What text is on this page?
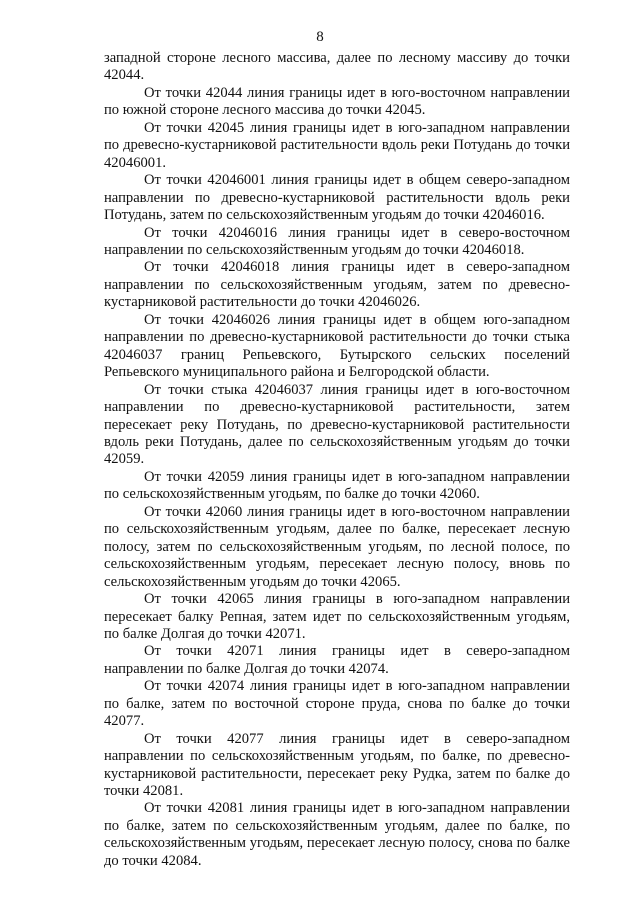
8

западной стороне лесного массива, далее по лесному массиву до точки 42044.

От точки 42044 линия границы идет в юго-восточном направлении по южной стороне лесного массива до точки 42045.

От точки 42045 линия границы идет в юго-западном направлении по древесно-кустарниковой растительности вдоль реки Потудань до точки 42046001.

От точки 42046001 линия границы идет в общем северо-западном направлении по древесно-кустарниковой растительности вдоль реки Потудань, затем по сельскохозяйственным угодьям до точки 42046016.

От точки 42046016 линия границы идет в северо-восточном направлении по сельскохозяйственным угодьям до точки 42046018.

От точки 42046018 линия границы идет в северо-западном направлении по сельскохозяйственным угодьям, затем по древесно-кустарниковой растительности до точки 42046026.

От точки 42046026 линия границы идет в общем юго-западном направлении по древесно-кустарниковой растительности до точки стыка 42046037 границ Репьевского, Бутырского сельских поселений Репьевского муниципального района и Белгородской области.

От точки стыка 42046037 линия границы идет в юго-восточном направлении по древесно-кустарниковой растительности, затем пересекает реку Потудань, по древесно-кустарниковой растительности вдоль реки Потудань, далее по сельскохозяйственным угодьям до точки 42059.

От точки 42059 линия границы идет в юго-западном направлении по сельскохозяйственным угодьям, по балке до точки 42060.

От точки 42060 линия границы идет в юго-восточном направлении по сельскохозяйственным угодьям, далее по балке, пересекает лесную полосу, затем по сельскохозяйственным угодьям, по лесной полосе, по сельскохозяйственным угодьям, пересекает лесную полосу, вновь по сельскохозяйственным угодьям до точки 42065.

От точки 42065 линия границы в юго-западном направлении пересекает балку Репная, затем идет по сельскохозяйственным угодьям, по балке Долгая до точки 42071.

От точки 42071 линия границы идет в северо-западном направлении по балке Долгая до точки 42074.

От точки 42074 линия границы идет в юго-западном направлении по балке, затем по восточной стороне пруда, снова по балке до точки 42077.

От точки 42077 линия границы идет в северо-западном направлении по сельскохозяйственным угодьям, по балке, по древесно-кустарниковой растительности, пересекает реку Рудка, затем по балке до точки 42081.

От точки 42081 линия границы идет в юго-западном направлении по балке, затем по сельскохозяйственным угодьям, далее по балке, по сельскохозяйственным угодьям, пересекает лесную полосу, снова по балке до точки 42084.
